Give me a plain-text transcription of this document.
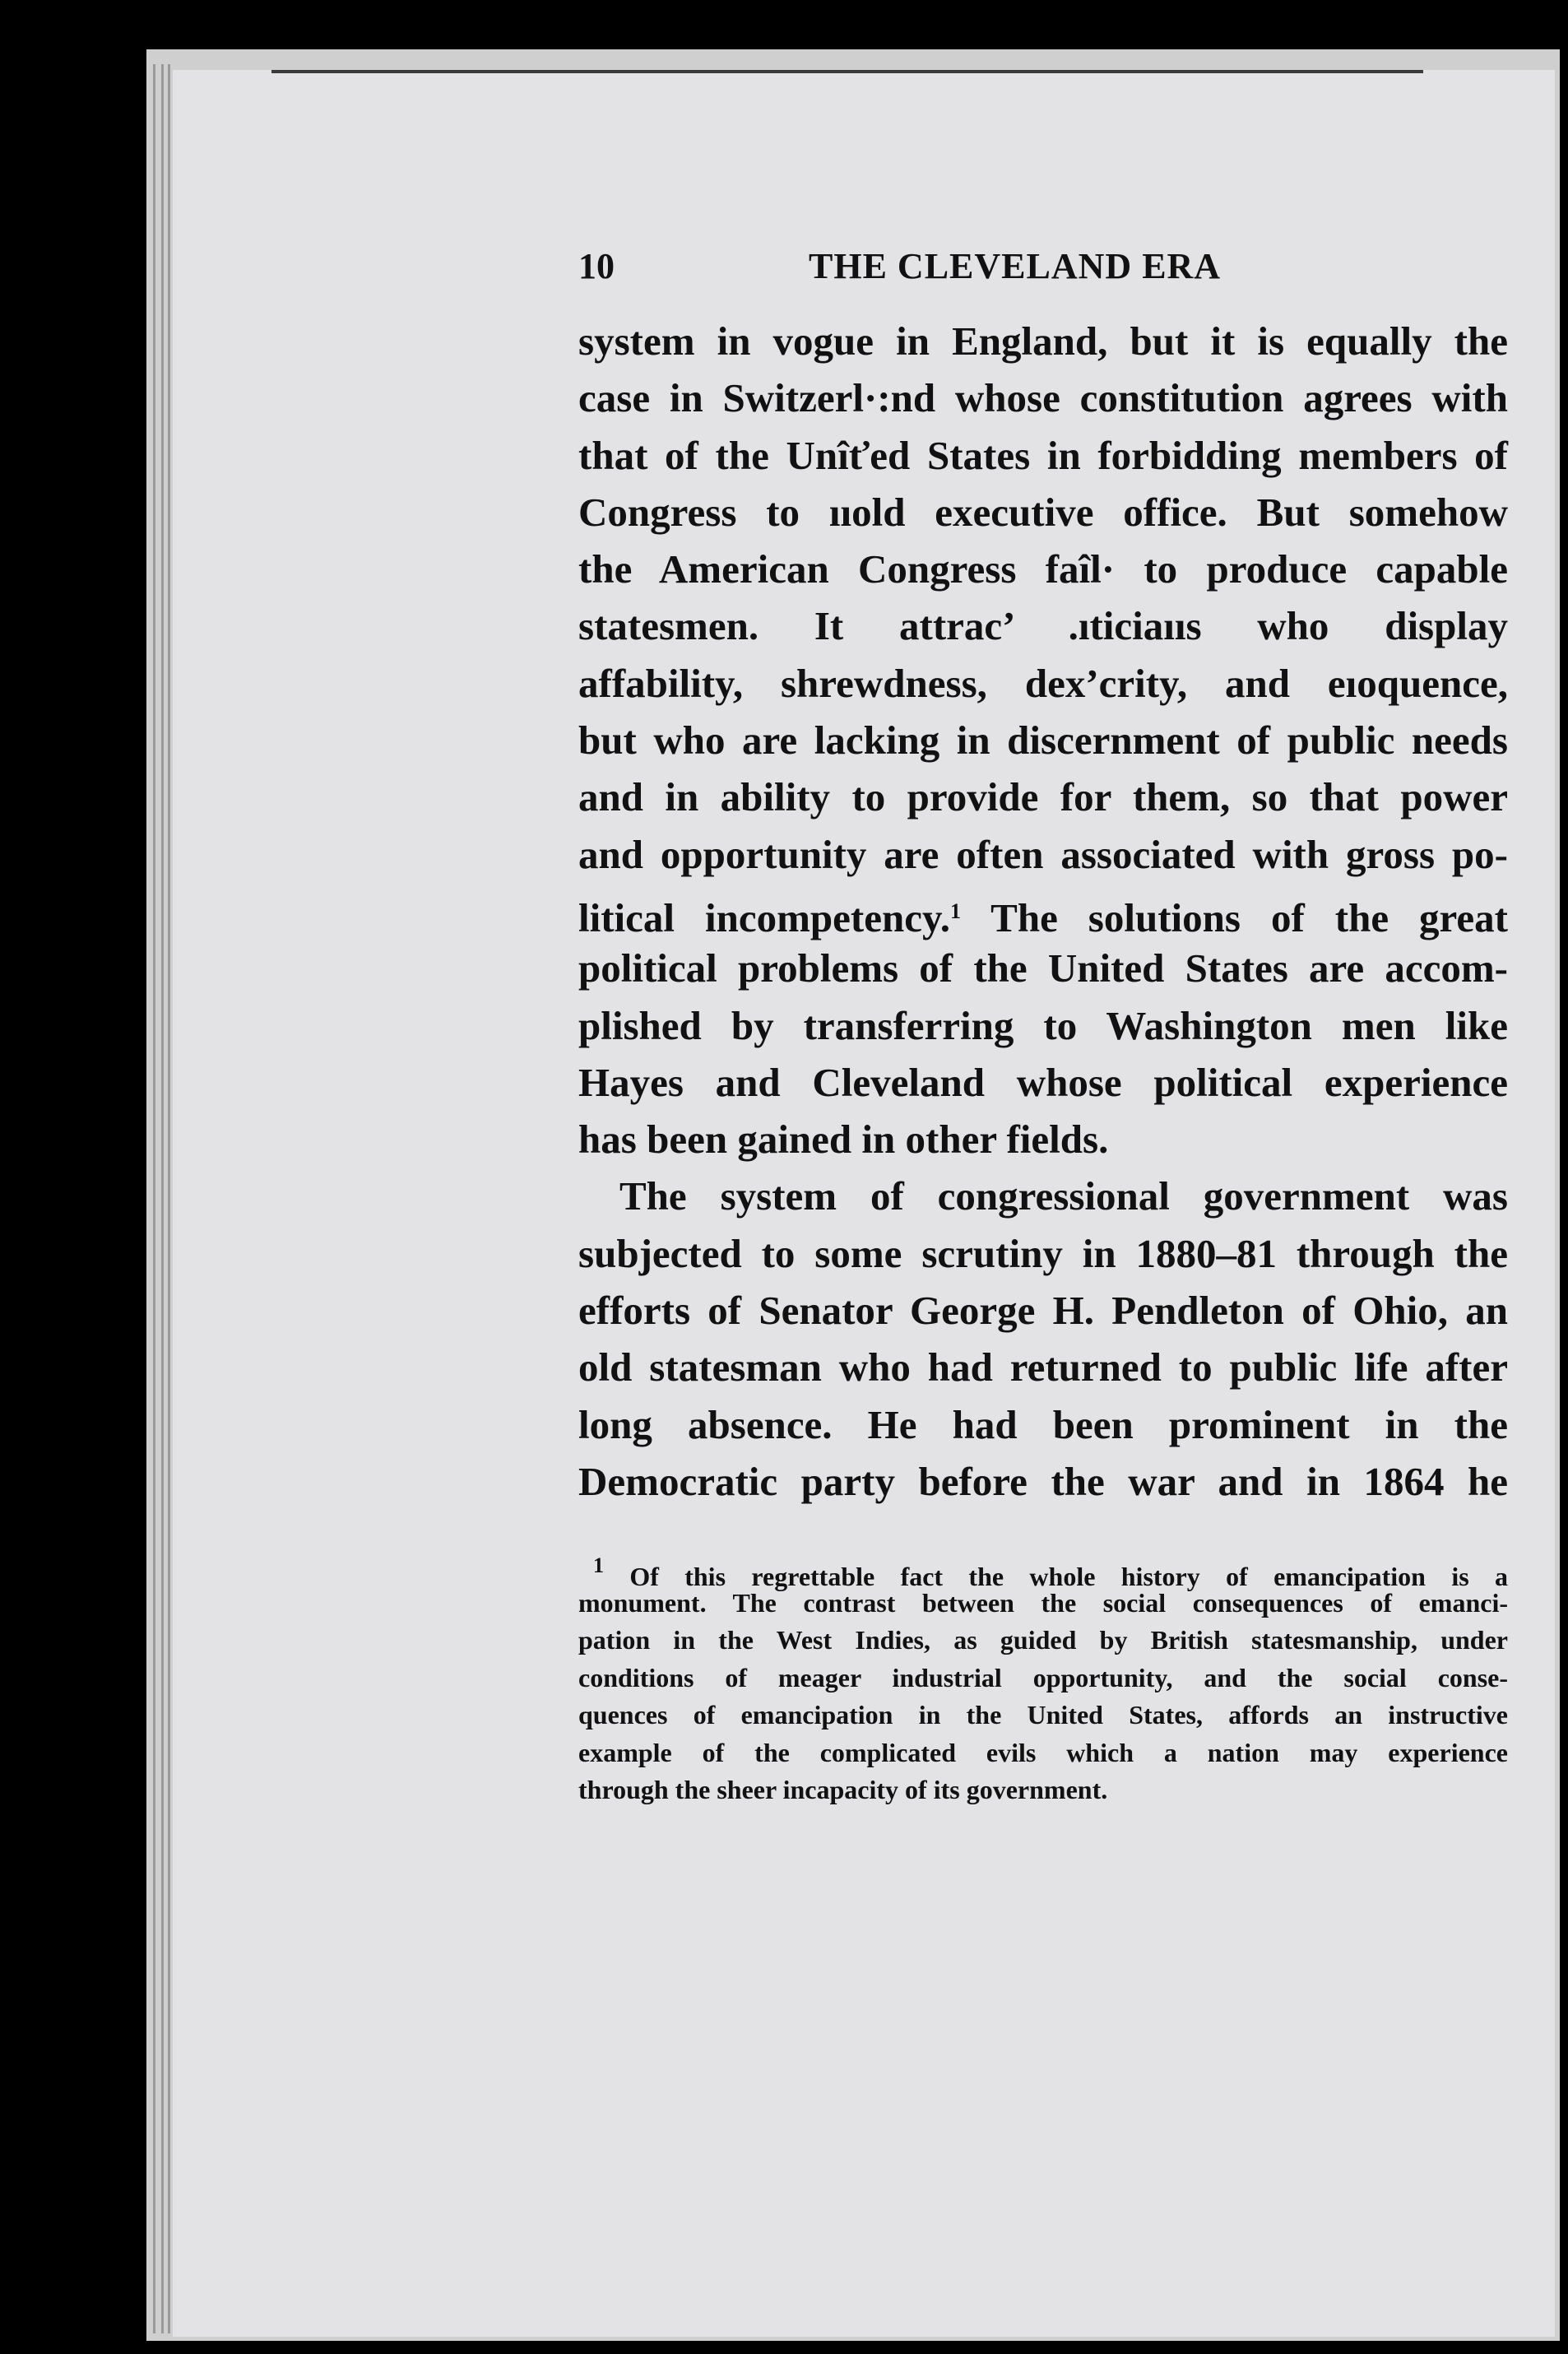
10	THE CLEVELAND ERA
system in vogue in England, but it is equally the
case in Switzerl·:nd whose constitution agrees with
that of the Unîťed States in forbidding members of
Congress to ııold executive office. But somehow
the American Congress faîl· to produce capable
statesmen. It attrac’ .ıticiaııs who display
affability, shrewdness, dex’crity, and eıoquence,
but who are lacking in discernment of public needs
and in ability to provide for them, so that power
and opportunity are often associated with gross po-
litical incompetency.$^1$ The solutions of the great
political problems of the United States are accom-
plished by transferring to Washington men like
Hayes and Cleveland whose political experience
has been gained in other fields.
The system of congressional government was
subjected to some scrutiny in 1880–81 through the
efforts of Senator George H. Pendleton of Ohio, an
old statesman who had returned to public life after
long absence. He had been prominent in the
Democratic party before the war and in 1864 he
$^1$ Of this regrettable fact the whole history of emancipation is a
monument. The contrast between the social consequences of emanci-
pation in the West Indies, as guided by British statesmanship, under
conditions of meager industrial opportunity, and the social conse-
quences of emancipation in the United States, affords an instructive
example of the complicated evils which a nation may experience
through the sheer incapacity of its government.
